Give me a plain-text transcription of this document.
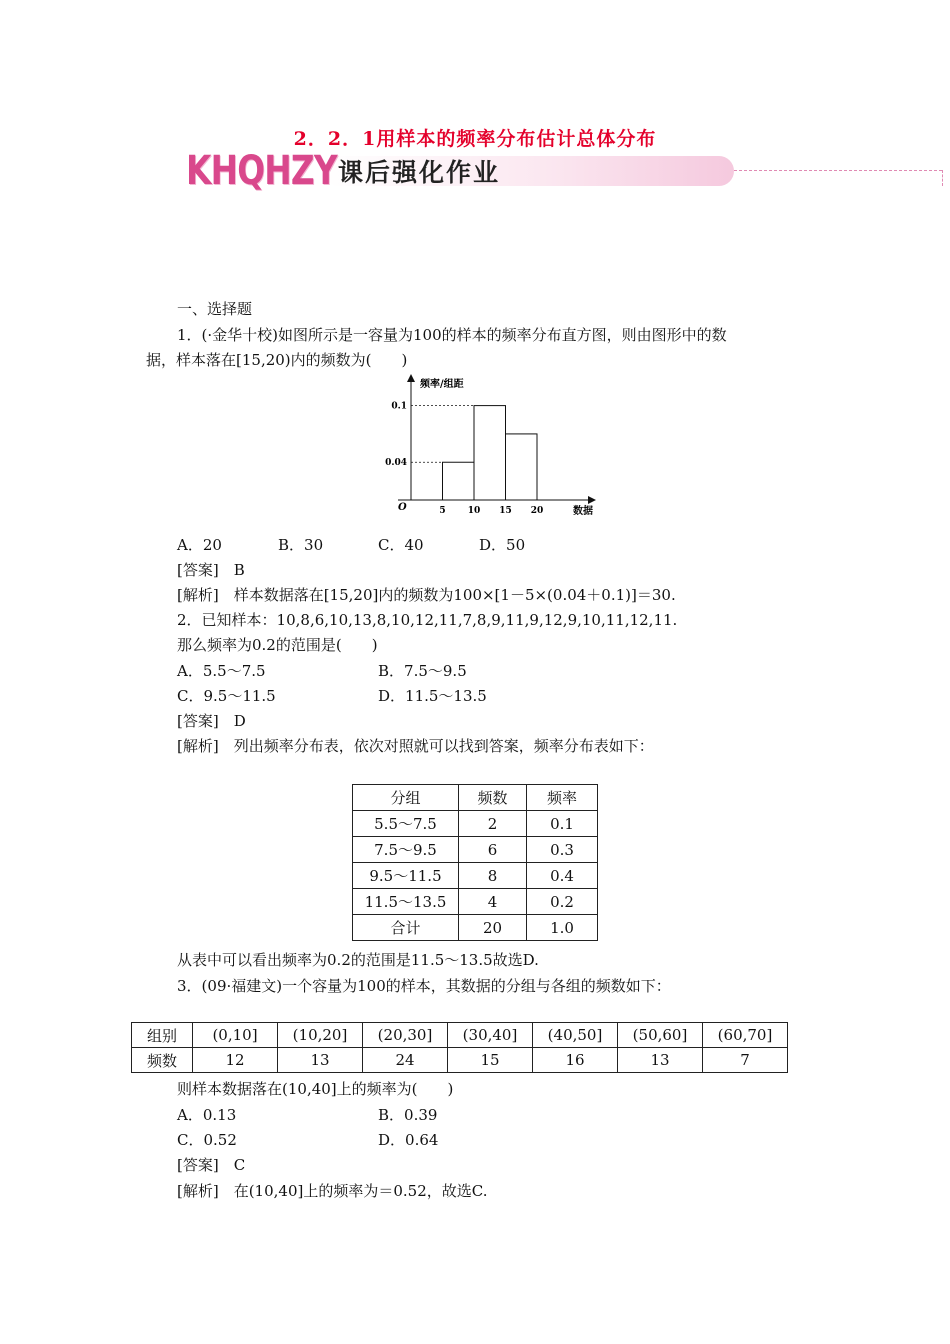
2．2．1用样本的频率分布估计总体分布
KHQHZY 课后强化作业
一、选择题
1．(·金华十校)如图所示是一容量为100的样本的频率分布直方图，则由图形中的数
据，样本落在[15,20)内的频数为(　　)
频率/组距
数据
O	5 10 15 20
0.04
0.1
A．20	B．30	C．40	D．50
[答案]　B
[解析]　样本数据落在[15,20]内的频数为100×[1－5×(0.04＋0.1)]＝30.
2．已知样本：10,8,6,10,13,8,10,12,11,7,8,9,11,9,12,9,10,11,12,11.
那么频率为0.2的范围是(　　)
A．5.5～7.5	B．7.5～9.5
C．9.5～11.5	D．11.5～13.5
[答案]　D
[解析]　列出频率分布表，依次对照就可以找到答案，频率分布表如下：
分组	频数	频率
5.5～7.5	2	0.1
7.5～9.5	6	0.3
9.5～11.5	8	0.4
11.5～13.5	4	0.2
合计	20	1.0
从表中可以看出频率为0.2的范围是11.5～13.5故选D.
3．(09·福建文)一个容量为100的样本，其数据的分组与各组的频数如下：
组别	(0,10]	(10,20]	(20,30]	(30,40]	(40,50]	(50,60]	(60,70]
频数	12	13	24	15	16	13	7
则样本数据落在(10,40]上的频率为(　　)
A．0.13	B．0.39
C．0.52	D．0.64
[答案]　C
[解析]　在(10,40]上的频率为＝0.52，故选C.
